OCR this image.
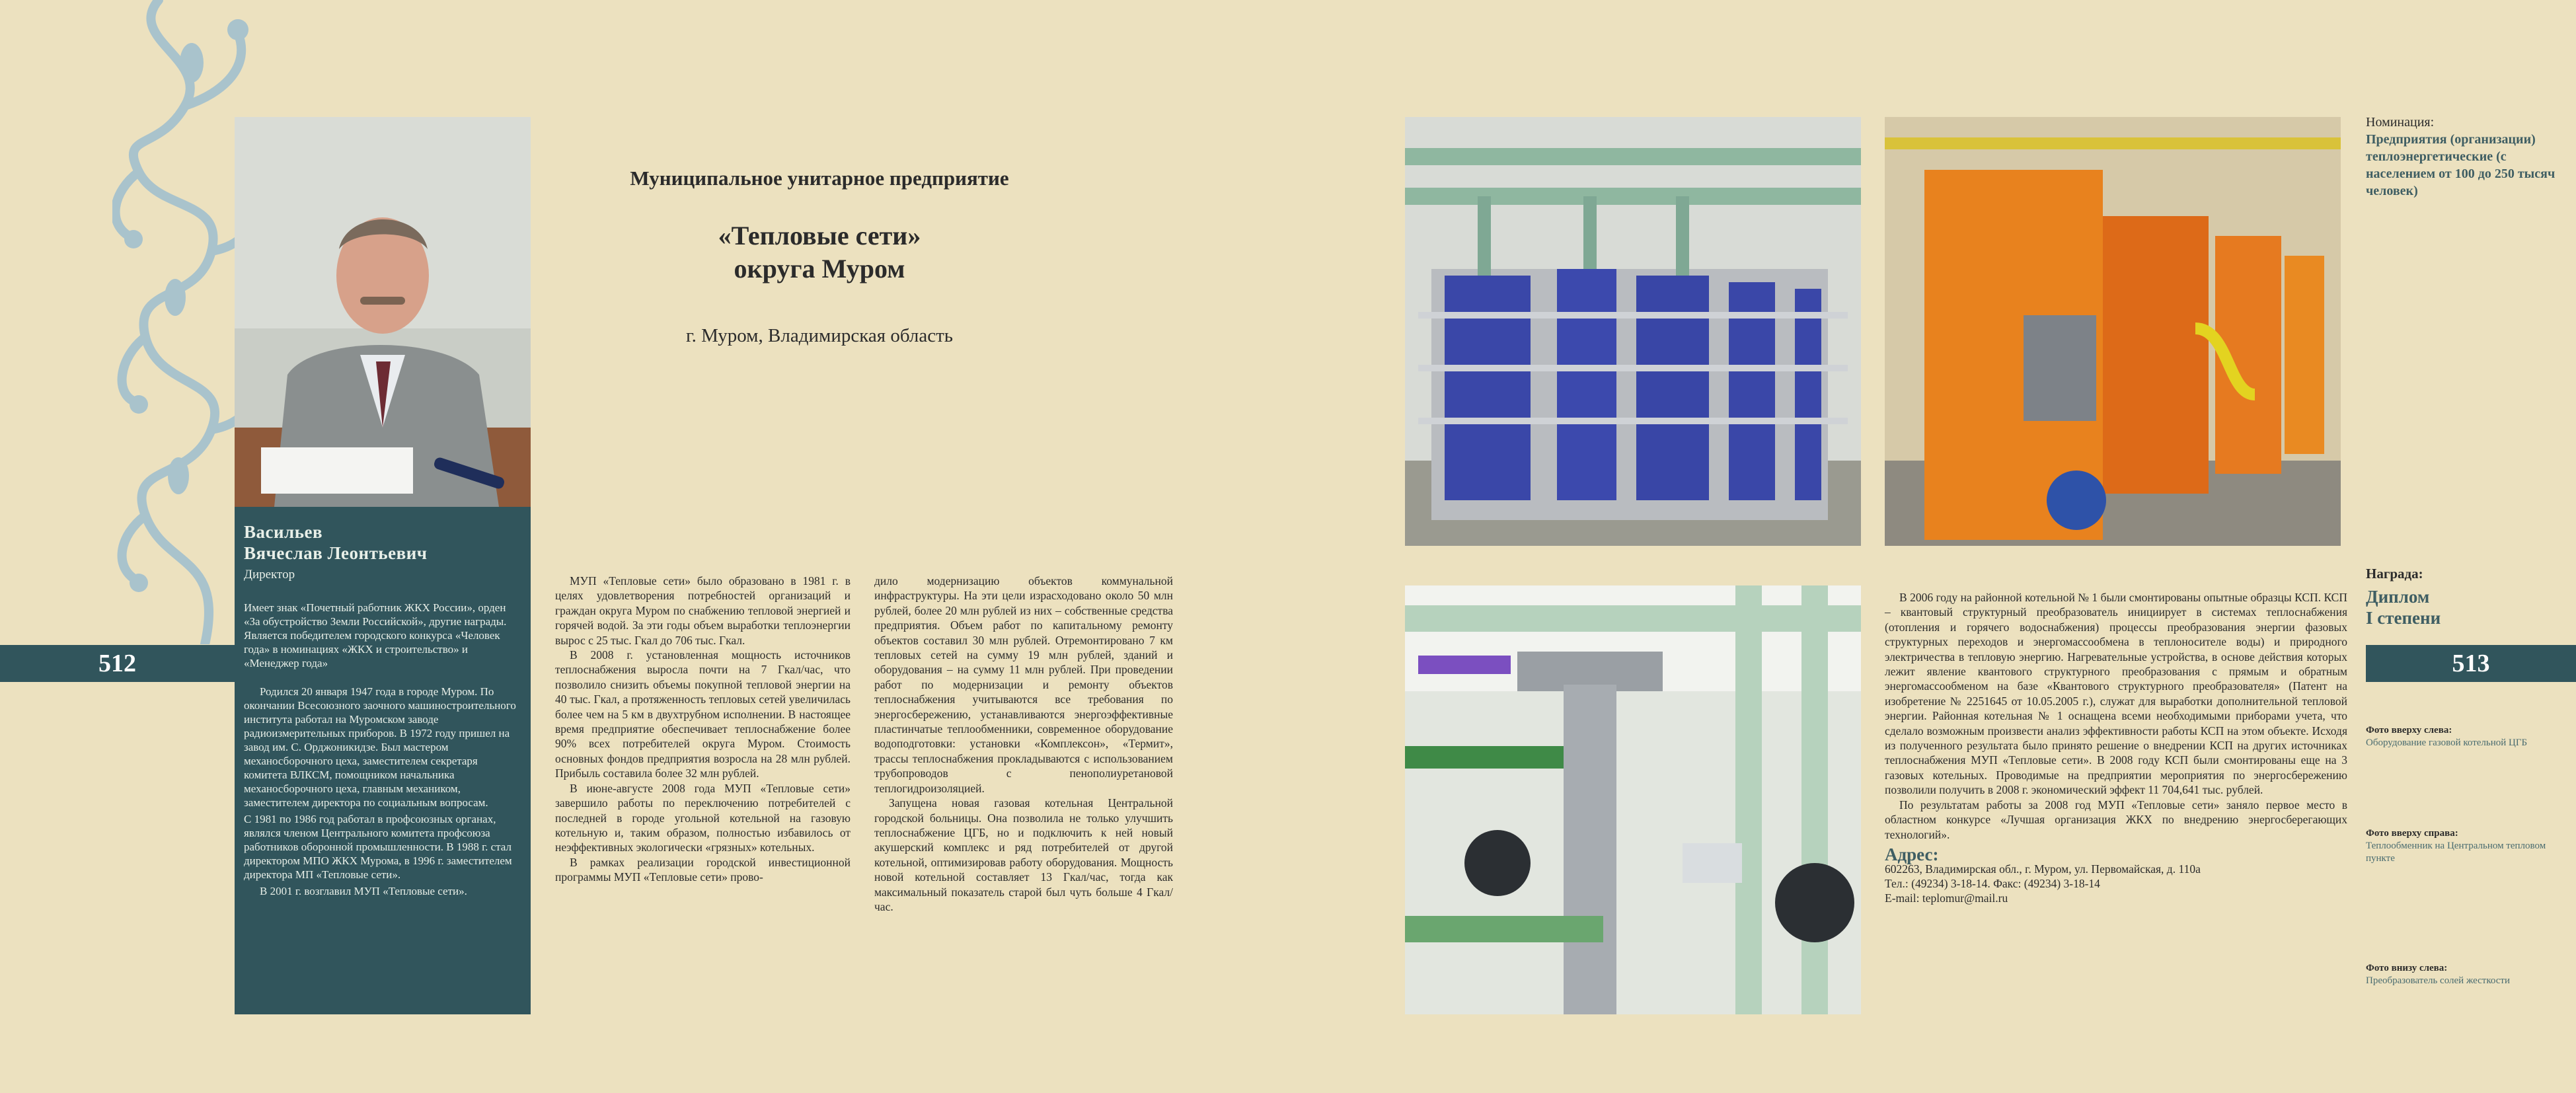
Васильев
Вячеслав Леонтьевич
Директор

Имеет знак «Почетный работник ЖКХ России», орден «За обустройство Земли Российской», другие награды. Является победителем городского конкурса «Человек года» в номинациях «ЖКХ и строительство» и «Менеджер года»

Родился 20 января 1947 года в городе Муром. По окончании Всесоюзного заочного машиностроительного института работал на Муромском заводе радиоизмерительных приборов. В 1972 году пришел на завод им. С. Орджоникидзе. Был мастером механосборочного цеха, заместителем секретаря комитета ВЛКСМ, помощником начальника механосборочного цеха, главным механиком, заместителем директора по социальным вопросам.

С 1981 по 1986 год работал в профсоюзных органах, являлся членом Центрального комитета профсоюза работников оборонной промышленности. В 1988 г. стал директором МПО ЖКХ Мурома, в 1996 г. заместителем директора МП «Тепловые сети».

В 2001 г. возглавил МУП «Тепловые сети».

512	513
Муниципальное унитарное предприятие
«Тепловые сети»
округа Муром
г. Муром, Владимирская область

МУП «Тепловые сети» было образовано в 1981 г. в целях удовлетворения потребностей организаций и граждан округа Муром по снабжению тепловой энергией и горячей водой. За эти годы объем выработки теплоэнергии вырос с 25 тыс. Гкал до 706 тыс. Гкал.

В 2008 г. установленная мощность источников теплоснабжения выросла почти на 7 Гкал/час, что позволило снизить объемы покупной тепловой энергии на 40 тыс. Гкал, а протяженность тепловых сетей увеличилась более чем на 5 км в двухтрубном исполнении. В настоящее время предприятие обеспечивает теплоснабжение более 90% всех потребителей округа Муром. Стоимость основных фондов предприятия возросла на 28 млн рублей. Прибыль составила более 32 млн рублей.

В июне-августе 2008 года МУП «Тепловые сети» завершило работы по переключению потребителей с последней в городе угольной котельной на газовую котельную и, таким образом, полностью избавилось от неэффективных экологически «грязных» котельных.

В рамках реализации городской инвестиционной программы МУП «Тепловые сети» прово-

дило модернизацию объектов коммунальной инфраструктуры. На эти цели израсходовано около 50 млн рублей, более 20 млн рублей из них – собственные средства предприятия. Объем работ по капитальному ремонту объектов составил 30 млн рублей. Отремонтировано 7 км тепловых сетей на сумму 19 млн рублей, зданий и оборудования – на сумму 11 млн рублей. При проведении работ по модернизации и ремонту объектов теплоснабжения учитываются все требования по энергосбережению, устанавливаются энергоэффективные пластинчатые теплообменники, современное оборудование водоподготовки: установки «Комплексон», «Термит», трассы теплоснабжения прокладываются с использованием трубопроводов с пенополиуретановой теплогидроизоляцией.

Запущена новая газовая котельная Центральной городской больницы. Она позволила не только улучшить теплоснабжение ЦГБ, но и подключить к ней новый акушерский комплекс и ряд потребителей от другой котельной, оптимизировав работу оборудования. Мощность новой котельной составляет 13 Гкал/час, тогда как максимальный показатель старой был чуть больше 4 Гкал/час.

В 2006 году на районной котельной № 1 были смонтированы опытные образцы КСП. КСП – квантовый структурный преобразователь инициирует в системах теплоснабжения (отопления и горячего водоснабжения) процессы преобразования энергии фазовых структурных переходов и энергомассообмена в теплоносителе воды) и природного электричества в тепловую энергию. Нагревательные устройства, в основе действия которых лежит явление квантового структурного преобразования с прямым и обратным энергомассообменом на базе «Квантового структурного преобразователя» (Патент на изобретение № 2251645 от 10.05.2005 г.), служат для выработки дополнительной тепловой энергии. Районная котельная № 1 оснащена всеми необходимыми приборами учета, что сделало возможным произвести анализ эффективности работы КСП на этом объекте. Исходя из полученного результата было принято решение о внедрении КСП на других источниках теплоснабжения МУП «Тепловые сети». В 2008 году КСП были смонтированы еще на 3 газовых котельных. Проводимые на предприятии мероприятия по энергосбережению позволили получить в 2008 г. экономический эффект 11 704,641 тыс. рублей.

По результатам работы за 2008 год МУП «Тепловые сети» заняло первое место в областном конкурсе «Лучшая организация ЖКХ по внедрению энергосберегающих технологий».

Адрес:
602263, Владимирская обл., г. Муром, ул. Первомайская, д. 110а
Тел.: (49234) 3-18-14. Факс: (49234) 3-18-14
E-mail: teplomur@mail.ru
Номинация:
Предприятия (организации) теплоэнергетические (с населением от 100 до 250 тысяч человек)
Награда:
Диплом
I степени
Фото вверху слева:
Оборудование газовой котельной ЦГБ
Фото вверху справа:
Теплообменник на Центральном тепловом пункте
Фото внизу слева:
Преобразователь солей жесткости
